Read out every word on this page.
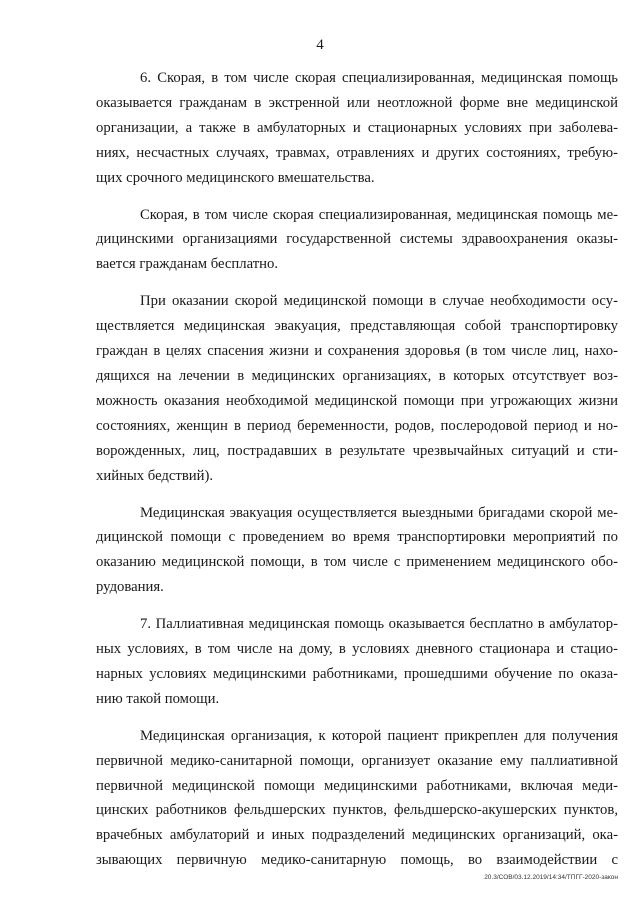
4
6. Скорая, в том числе скорая специализированная, медицинская помощь
оказывается гражданам в экстренной или неотложной форме вне медицинской
организации, а также в амбулаторных и стационарных условиях при заболева-
ниях, несчастных случаях, травмах, отравлениях и других состояниях, требую-
щих срочного медицинского вмешательства.
Скорая, в том числе скорая специализированная, медицинская помощь ме-
дицинскими организациями государственной системы здравоохранения оказы-
вается гражданам бесплатно.
При оказании скорой медицинской помощи в случае необходимости осу-
ществляется медицинская эвакуация, представляющая собой транспортировку
граждан в целях спасения жизни и сохранения здоровья (в том числе лиц, нахо-
дящихся на лечении в медицинских организациях, в которых отсутствует воз-
можность оказания необходимой медицинской помощи при угрожающих жизни
состояниях, женщин в период беременности, родов, послеродовой период и но-
ворожденных, лиц, пострадавших в результате чрезвычайных ситуаций и сти-
хийных бедствий).
Медицинская эвакуация осуществляется выездными бригадами скорой ме-
дицинской помощи с проведением во время транспортировки мероприятий по
оказанию медицинской помощи, в том числе с применением медицинского обо-
рудования.
7. Паллиативная медицинская помощь оказывается бесплатно в амбулатор-
ных условиях, в том числе на дому, в условиях дневного стационара и стацио-
нарных условиях медицинскими работниками, прошедшими обучение по оказа-
нию такой помощи.
Медицинская организация, к которой пациент прикреплен для получения
первичной медико-санитарной помощи, организует оказание ему паллиативной
первичной медицинской помощи медицинскими работниками, включая меди-
цинских работников фельдшерских пунктов, фельдшерско-акушерских пунктов,
врачебных амбулаторий и иных подразделений медицинских организаций, ока-
зывающих первичную медико-санитарную помощь, во взаимодействии с
20.3/СОВ/03.12.2019/14:34/ТПГГ-2020-закон
